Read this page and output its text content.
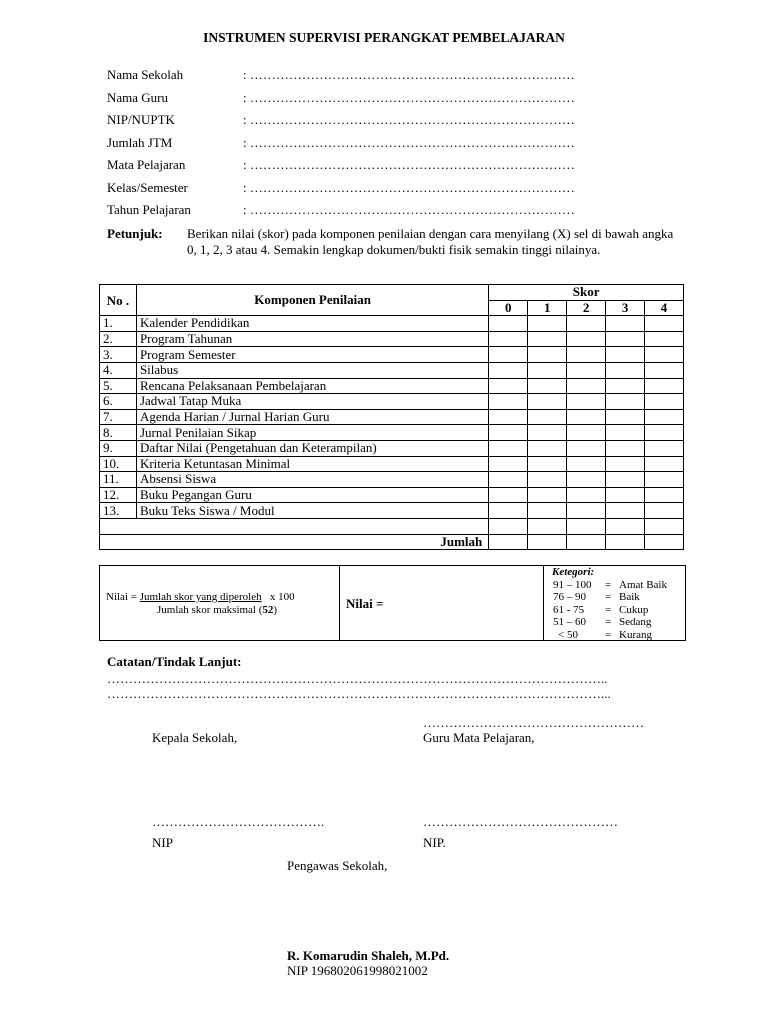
INSTRUMEN SUPERVISI PERANGKAT PEMBELAJARAN
Nama Sekolah	: …………………………………………………………………
Nama Guru	: …………………………………………………………………
NIP/NUPTK	: …………………………………………………………………
Jumlah JTM	: …………………………………………………………………
Mata Pelajaran	: …………………………………………………………………
Kelas/Semester	: …………………………………………………………………
Tahun Pelajaran	: …………………………………………………………………
Petunjuk: Berikan nilai (skor) pada komponen penilaian dengan cara menyilang (X) sel di bawah angka 0, 1, 2, 3 atau 4. Semakin lengkap dokumen/bukti fisik semakin tinggi nilainya.
No .	Komponen Penilaian	Skor				
		0	1	2	3	4
1.	Kalender Pendidikan					
2.	Program Tahunan					
3.	Program Semester					
4.	Silabus					
5.	Rencana Pelaksanaan Pembelajaran					
6.	Jadwal Tatap Muka					
7.	Agenda Harian / Jurnal Harian Guru					
8.	Jurnal Penilaian Sikap					
9.	Daftar Nilai (Pengetahuan dan Keterampilan)					
10.	Kriteria Ketuntasan Minimal					
11.	Absensi Siswa					
12.	Buku Pegangan Guru					
13.	Buku Teks Siswa / Modul					

Jumlah						
Nilai = Jumlah skor yang diperoleh x 100
Jumlah skor maksimal (52)	Nilai =
Ketegori:
91 – 100 = Amat Baik
76 – 90 = Baik
61 - 75 = Cukup
51 – 60 = Sedang
< 50 = Kurang
Catatan/Tindak Lanjut:
……………………………………………………………………………………………………..
……………………………………………………………………………………………………...
……………………………………………
Kepala Sekolah,	Guru Mata Pelajaran,
………………………………….	………………………………………
NIP	NIP.
Pengawas Sekolah,
R. Komarudin Shaleh, M.Pd.
NIP 196802061998021002
